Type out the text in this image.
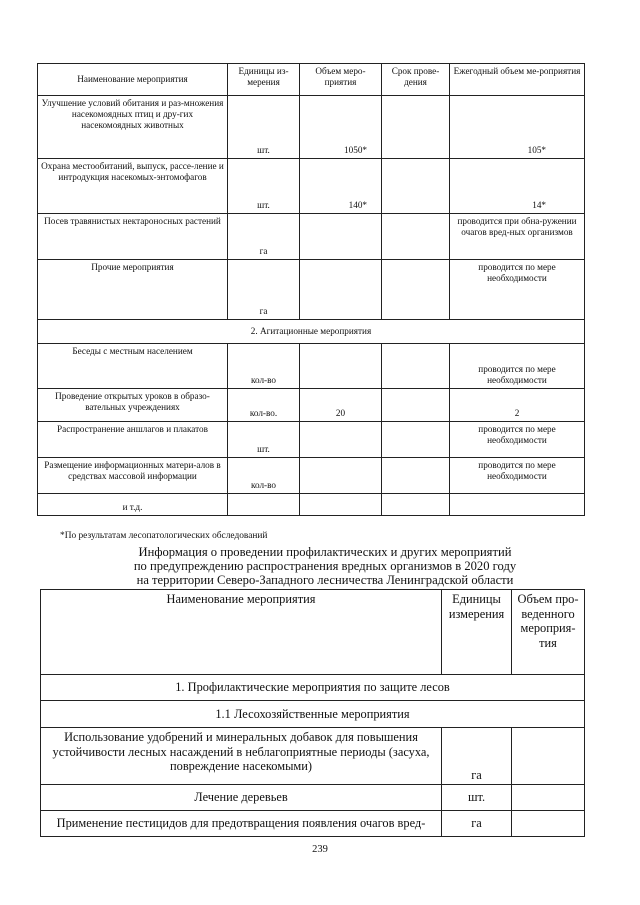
Наименование мероприятия	Единицы из-мерения	Объем меро-приятия	Срок прове-дения	Ежегодный объем ме-роприятия
Улучшение условий обитания и раз-множения насекомоядных птиц и дру-гих насекомоядных животных	шт.	1050*		105*
Охрана местообитаний, выпуск, рассе-ление и интродукция насекомых-энтомофагов	шт.	140*		14*
Посев травянистых нектароносных растений	га			проводится при обна-ружении очагов вред-ных организмов
Прочие мероприятия	га			проводится по мере необходимости
2. Агитационные мероприятия				
Беседы с местным населением	кол-во			проводится по мере необходимости
Проведение открытых уроков в образо-вательных учреждениях	кол-во.	20		2
Распространение аншлагов и плакатов	шт.			проводится по мере необходимости
Размещение информационных матери-алов в средствах массовой информации	кол-во			проводится по мере необходимости
и т.д.				
*По результатам лесопатологических обследований
Информация о проведении профилактических и других мероприятий
по предупреждению распространения вредных организмов в 2020 году
на территории Северо-Западного лесничества Ленинградской области
Наименование мероприятия	Единицы измерения	Объем про-веденного мероприя-тия
1. Профилактические мероприятия по защите лесов		
1.1 Лесохозяйственные мероприятия		
Использование удобрений и минеральных добавок для повышения устойчивости лесных насаждений в неблагоприятные периоды (засуха, повреждение насекомыми)	га	
Лечение деревьев	шт.	
Применение пестицидов для предотвращения появления очагов вред-	га	
239
